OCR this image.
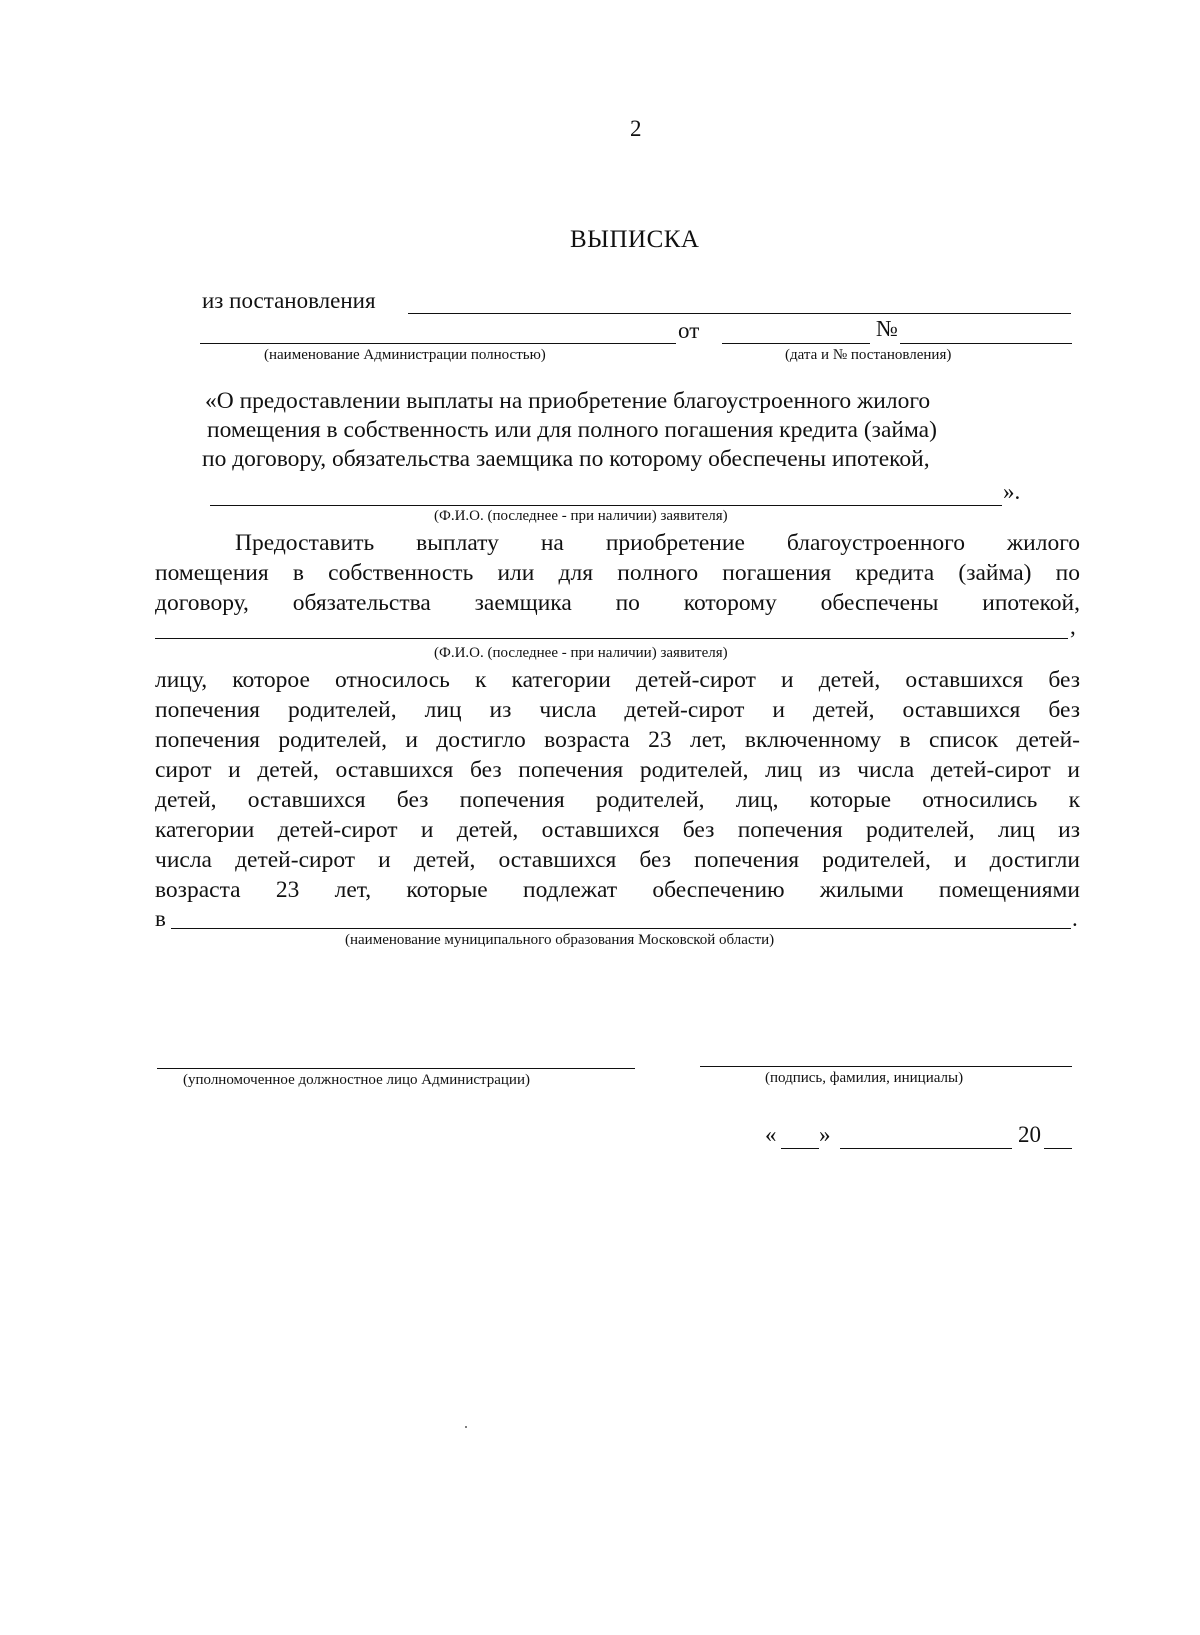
2
ВЫПИСКА
из постановления
от	№
(наименование Администрации полностью)	(дата и № постановления)
«О предоставлении выплаты на приобретение благоустроенного жилого
помещения в собственность или для полного погашения кредита (займа)
по договору, обязательства заемщика по которому обеспечены ипотекой,
».
(Ф.И.О. (последнее - при наличии) заявителя)

Предоставить выплату на приобретение благоустроенного жилого

помещения в собственность или для полного погашения кредита (займа) по

договору, обязательства заемщика по которому обеспечены ипотекой,

,
(Ф.И.О. (последнее - при наличии) заявителя)

лицу, которое относилось к категории детей-сирот и детей, оставшихся без

попечения родителей, лиц из числа детей-сирот и детей, оставшихся без

попечения родителей, и достигло возраста 23 лет, включенному в список детей-

сирот и детей, оставшихся без попечения родителей, лиц из числа детей-сирот и

детей, оставшихся без попечения родителей, лиц, которые относились к

категории детей-сирот и детей, оставшихся без попечения родителей, лиц из

числа детей-сирот и детей, оставшихся без попечения родителей, и достигли

возраста 23 лет, которые подлежат обеспечению жилыми помещениями

в	.
(наименование муниципального образования Московской области)
(уполномоченное должностное лицо Администрации)	(подпись, фамилия, инициалы)
« »	20
